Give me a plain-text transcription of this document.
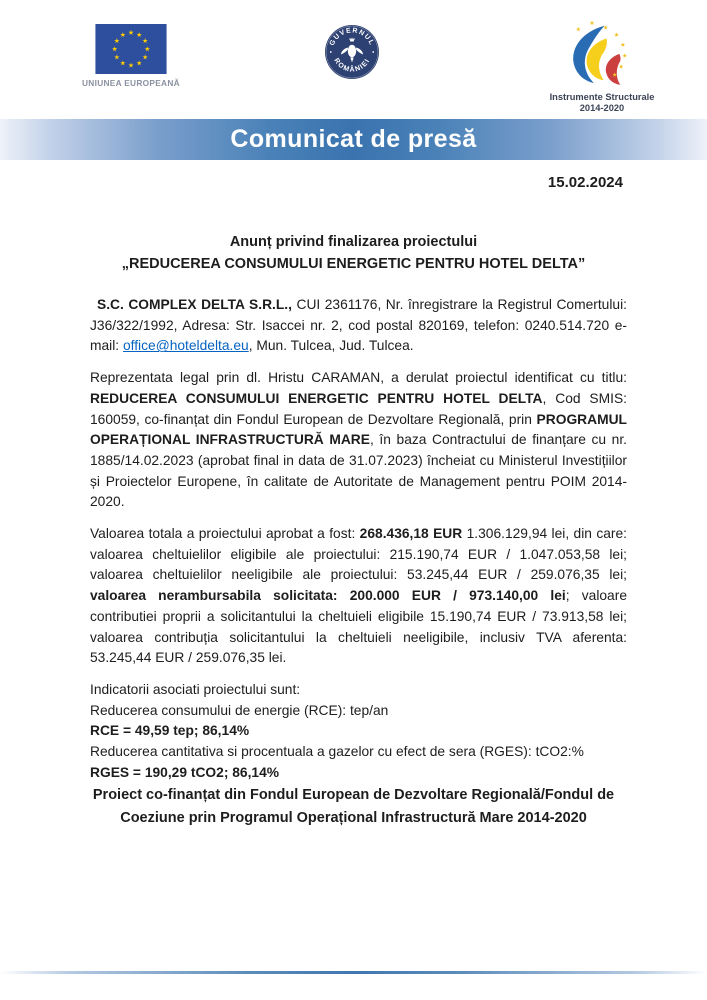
UNIUNEA EUROPEANĂ
GUVERNUL
ROMÂNIEI
Instrumente Structurale
2014-2020
Comunicat de presă
15.02.2024
Anunț privind finalizarea proiectului
„REDUCEREA CONSUMULUI ENERGETIC PENTRU HOTEL DELTA”

S.C. COMPLEX DELTA S.R.L., CUI 2361176, Nr. înregistrare la Registrul Comertului: J36/322/1992, Adresa: Str. Isaccei nr. 2, cod postal 820169, telefon: 0240.514.720 e-mail: office@hoteldelta.eu, Mun. Tulcea, Jud. Tulcea.

Reprezentata legal prin dl. Hristu CARAMAN, a derulat proiectul identificat cu titlu: REDUCEREA CONSUMULUI ENERGETIC PENTRU HOTEL DELTA, Cod SMIS: 160059, co-finanțat din Fondul European de Dezvoltare Regională, prin PROGRAMUL OPERAȚIONAL INFRASTRUCTURĂ MARE, în baza Contractului de finanțare cu nr. 1885/14.02.2023 (aprobat final in data de 31.07.2023) încheiat cu Ministerul Investițiilor și Proiectelor Europene, în calitate de Autoritate de Management pentru POIM 2014-2020.

Valoarea totala a proiectului aprobat a fost: 268.436,18 EUR 1.306.129,94 lei, din care: valoarea cheltuielilor eligibile ale proiectului: 215.190,74 EUR / 1.047.053,58 lei; valoarea cheltuielilor neeligibile ale proiectului: 53.245,44 EUR / 259.076,35 lei; valoarea nerambursabila solicitata: 200.000 EUR / 973.140,00 lei; valoare contributiei proprii a solicitantului la cheltuieli eligibile 15.190,74 EUR / 73.913,58 lei; valoarea contribuția solicitantului la cheltuieli neeligibile, inclusiv TVA aferenta: 53.245,44 EUR / 259.076,35 lei.

Indicatorii asociati proiectului sunt:
Reducerea consumului de energie (RCE): tep/an
RCE = 49,59 tep; 86,14%
Reducerea cantitativa si procentuala a gazelor cu efect de sera (RGES): tCO2:%
RGES = 190,29 tCO2; 86,14%
Proiect co-finanțat din Fondul European de Dezvoltare Regională/Fondul de
Coeziune prin Programul Operațional Infrastructură Mare 2014-2020
